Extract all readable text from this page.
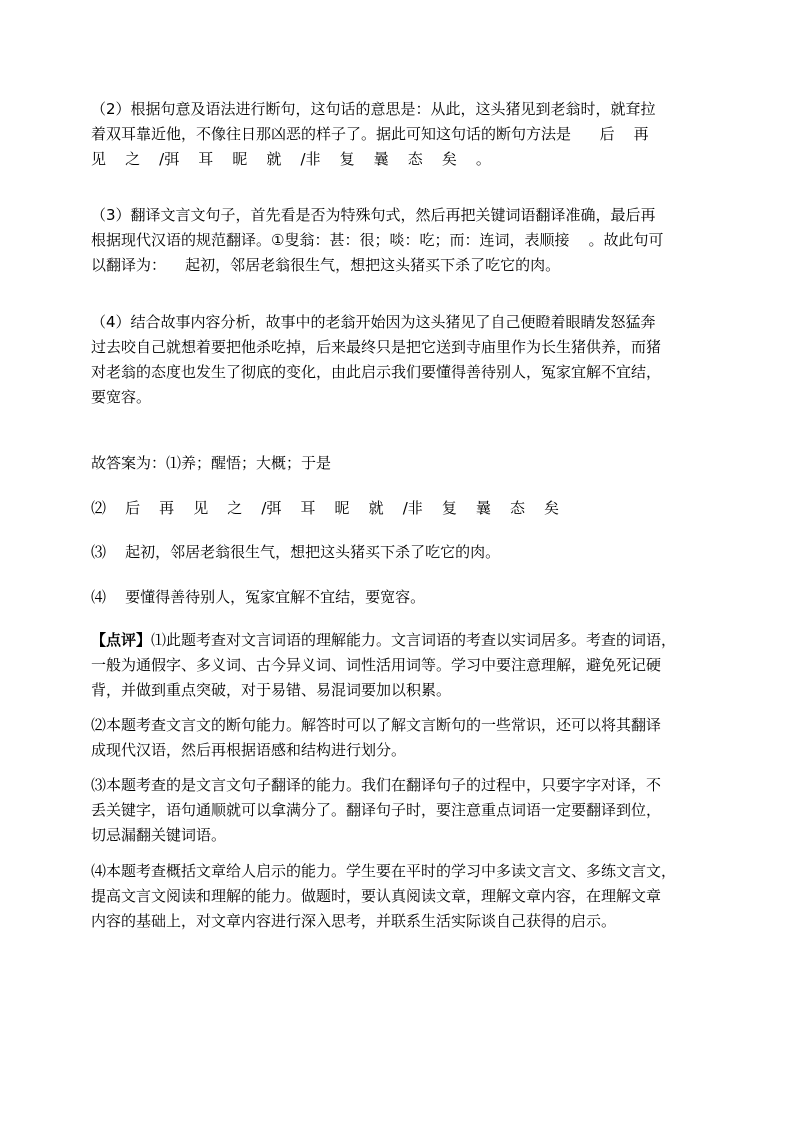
（2）根据句意及语法进行断句，这句话的意思是：从此，这头猪见到老翁时，就耷拉
着双耳靠近他，不像往日那凶恶的样子了。据此可知这句话的断句方法是      后    再
见    之    /弭    耳    昵    就    /非    复    曩    态    矣    。

（3）翻译文言文句子，首先看是否为特殊句式，然后再把关键词语翻译准确，最后再
根据现代汉语的规范翻译。①叟翁：甚：很；啖：吃；而：连词，表顺接    。故此句可
以翻译为：    起初，邻居老翁很生气，想把这头猪买下杀了吃它的肉。

（4）结合故事内容分析，故事中的老翁开始因为这头猪见了自己便瞪着眼睛发怒猛奔
过去咬自己就想着要把他杀吃掉，后来最终只是把它送到寺庙里作为长生猪供养，而猪
对老翁的态度也发生了彻底的变化，由此启示我们要懂得善待别人，冤家宜解不宜结，
要宽容。

故答案为：⑴养；醒悟；大概；于是

⑵    后    再    见    之    /弭    耳    昵    就    /非    复    曩    态    矣

⑶    起初，邻居老翁很生气，想把这头猪买下杀了吃它的肉。

⑷    要懂得善待别人，冤家宜解不宜结，要宽容。

【点评】⑴此题考查对文言词语的理解能力。文言词语的考查以实词居多。考查的词语，
一般为通假字、多义词、古今异义词、词性活用词等。学习中要注意理解，避免死记硬
背，并做到重点突破，对于易错、易混词要加以积累。

⑵本题考查文言文的断句能力。解答时可以了解文言断句的一些常识，还可以将其翻译
成现代汉语，然后再根据语感和结构进行划分。

⑶本题考查的是文言文句子翻译的能力。我们在翻译句子的过程中，只要字字对译，不
丢关键字，语句通顺就可以拿满分了。翻译句子时，要注意重点词语一定要翻译到位，
切忌漏翻关键词语。

⑷本题考查概括文章给人启示的能力。学生要在平时的学习中多读文言文、多练文言文，
提高文言文阅读和理解的能力。做题时，要认真阅读文章，理解文章内容，在理解文章
内容的基础上，对文章内容进行深入思考，并联系生活实际谈自己获得的启示。
